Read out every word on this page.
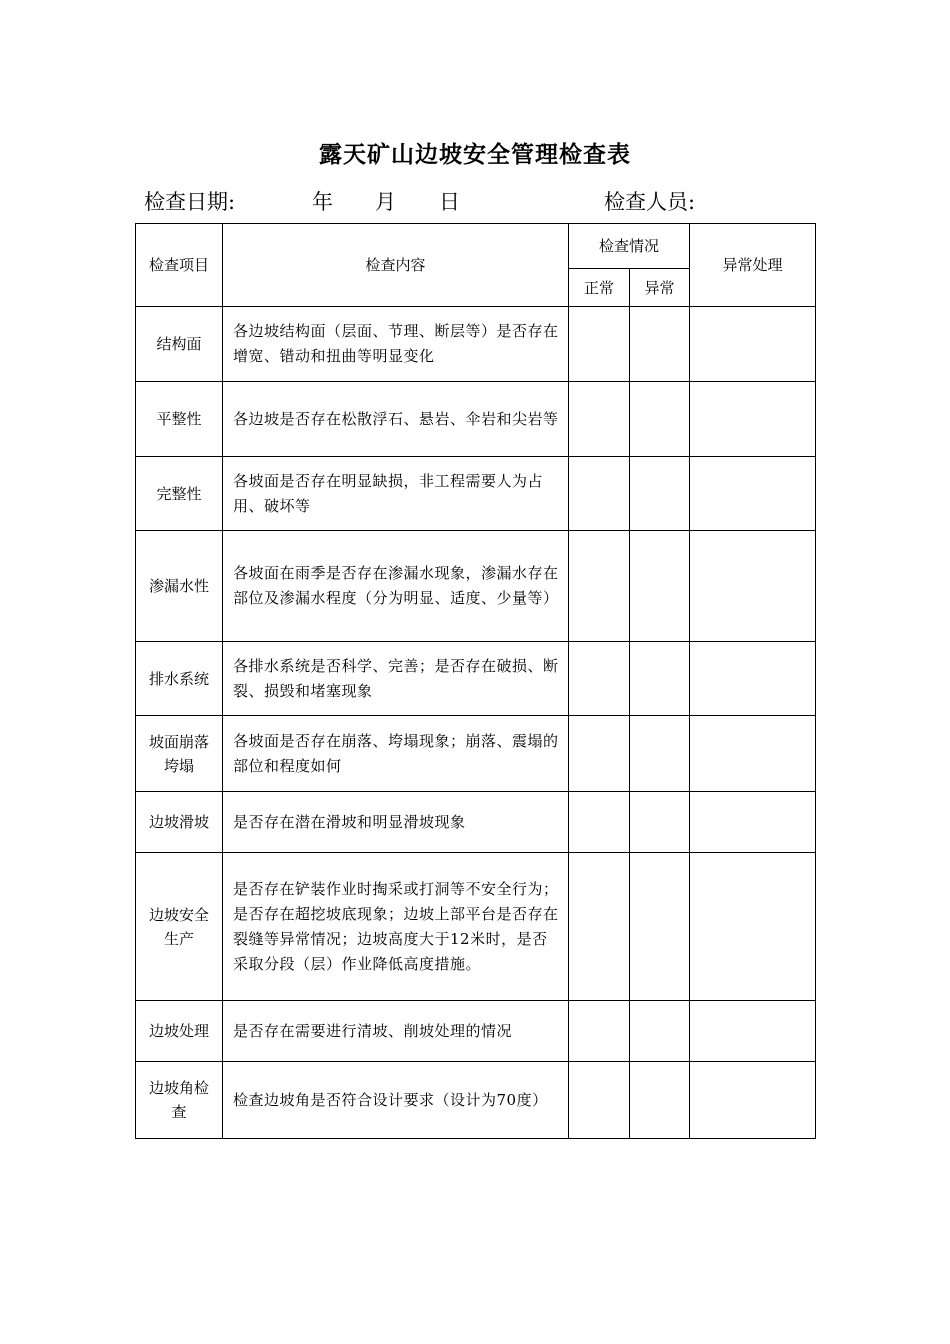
露天矿山边坡安全管理检查表
检查日期:	年 月 日	检查人员:
检查项目	检查内容	检查情况		异常处理
		正常	异常	
结构面	各边坡结构面（层面、节理、断层等）是否存在增宽、错动和扭曲等明显变化			
平整性	各边坡是否存在松散浮石、悬岩、伞岩和尖岩等			
完整性	各坡面是否存在明显缺损，非工程需要人为占用、破坏等			
渗漏水性	各坡面在雨季是否存在渗漏水现象，渗漏水存在部位及渗漏水程度（分为明显、适度、少量等）			
排水系统	各排水系统是否科学、完善；是否存在破损、断裂、损毁和堵塞现象			
坡面崩落垮塌	各坡面是否存在崩落、垮塌现象；崩落、震塌的部位和程度如何			
边坡滑坡	是否存在潜在滑坡和明显滑坡现象			
边坡安全生产	是否存在铲装作业时掏采或打洞等不安全行为；是否存在超挖坡底现象；边坡上部平台是否存在裂缝等异常情况；边坡高度大于12米时，是否采取分段（层）作业降低高度措施。			
边坡处理	是否存在需要进行清坡、削坡处理的情况			
边坡角检查	检查边坡角是否符合设计要求（设计为70度）			
